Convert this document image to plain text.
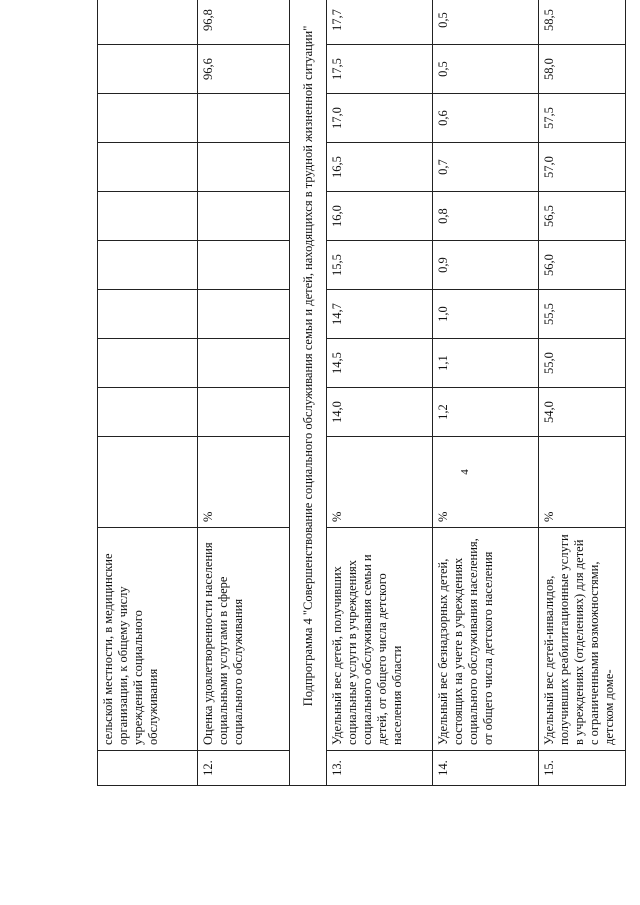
4
	сельской местности, в медицинские организации, к общему числу учреждений социального обслуживания											
12.	Оценка удовлетворенности населения социальными услугами в сфере социального обслуживания	%								96,6	96,8	
Подпрограмма 4 "Совершенствование социального обслуживания семьи и детей, находящихся в трудной жизненной ситуации"												
13.	Удельный вес детей, получивших социальные услуги в учреждениях социального обслуживания семьи и детей, от общего числа детского населения области	%	14,0	14,5	14,7	15,5	16,0	16,5	17,0	17,5	17,7	
14.	Удельный вес безнадзорных детей, состоящих на учете в учреждениях социального обслуживания населения, от общего числа детского населения	%	1,2	1,1	1,0	0,9	0,8	0,7	0,6	0,5	0,5	
15.	Удельный вес детей-инвалидов, получивших реабилитационные услуги в учреждениях (отделениях) для детей с ограниченными возможностями, детском доме-	%	54,0	55,0	55,5	56,0	56,5	57,0	57,5	58,0	58,5	
